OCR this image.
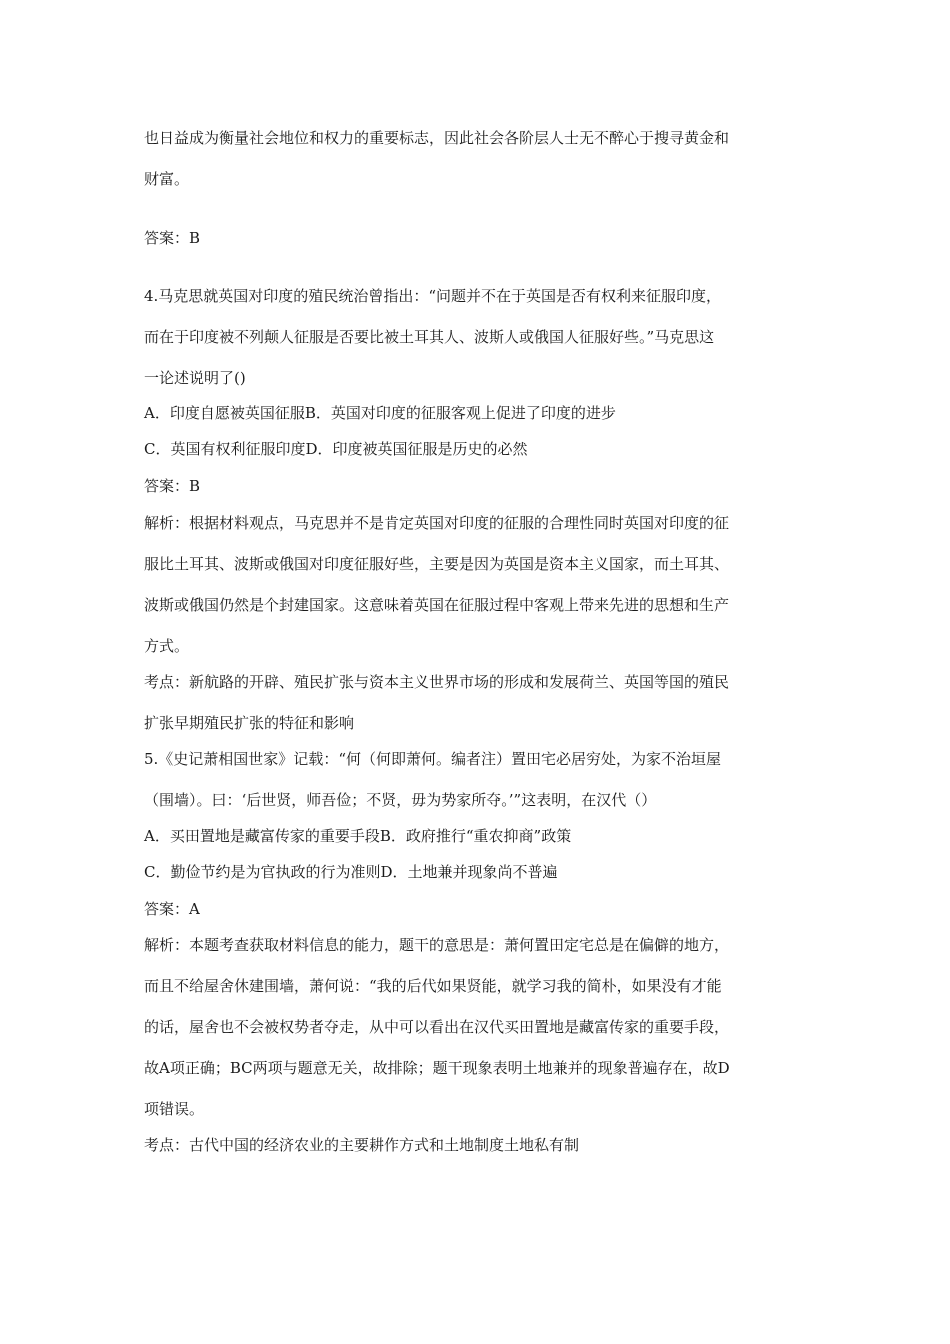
也日益成为衡量社会地位和权力的重要标志，因此社会各阶层人士无不醉心于搜寻黄金和
财富。
答案：B
4.马克思就英国对印度的殖民统治曾指出：“问题并不在于英国是否有权利来征服印度，
而在于印度被不列颠人征服是否要比被土耳其人、波斯人或俄国人征服好些。”马克思这
一论述说明了()
A．印度自愿被英国征服B．英国对印度的征服客观上促进了印度的进步
C．英国有权利征服印度D．印度被英国征服是历史的必然
答案：B
解析：根据材料观点，马克思并不是肯定英国对印度的征服的合理性同时英国对印度的征
服比土耳其、波斯或俄国对印度征服好些，主要是因为英国是资本主义国家，而土耳其、
波斯或俄国仍然是个封建国家。这意味着英国在征服过程中客观上带来先进的思想和生产
方式。
考点：新航路的开辟、殖民扩张与资本主义世界市场的形成和发展荷兰、英国等国的殖民
扩张早期殖民扩张的特征和影响
5.《史记萧相国世家》记载：“何（何即萧何。编者注）置田宅必居穷处，为家不治垣屋
（围墙）。曰：‘后世贤，师吾俭；不贤，毋为势家所夺。’”这表明，在汉代（）
A．买田置地是藏富传家的重要手段B．政府推行“重农抑商”政策
C．勤俭节约是为官执政的行为准则D．土地兼并现象尚不普遍
答案：A
解析：本题考查获取材料信息的能力，题干的意思是：萧何置田定宅总是在偏僻的地方，
而且不给屋舍休建围墙，萧何说：“我的后代如果贤能，就学习我的简朴，如果没有才能
的话，屋舍也不会被权势者夺走，从中可以看出在汉代买田置地是藏富传家的重要手段，
故A项正确；BC两项与题意无关，故排除；题干现象表明土地兼并的现象普遍存在，故D
项错误。
考点：古代中国的经济农业的主要耕作方式和土地制度土地私有制
